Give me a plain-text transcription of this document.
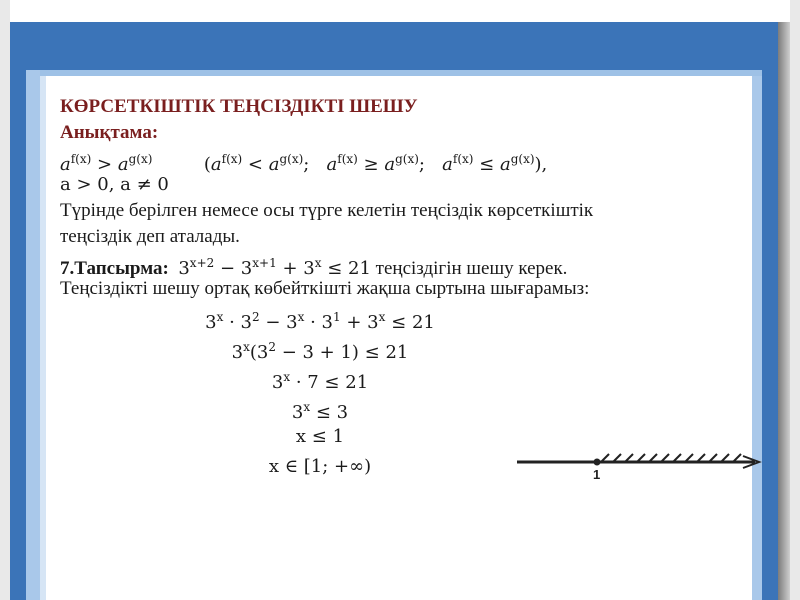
КӨРСЕТКІШТІК ТЕҢСІЗДІКТІ ШЕШУ
Анықтама:
$a^{f(x)} > a^{g(x)}$	($a^{f(x)} < a^{g(x)}$;   $a^{f(x)} \ge a^{g(x)}$;   $a^{f(x)} \le a^{g(x)}$),
a > 0, a ≠ 0
Түрінде берілген немесе осы түрге келетін теңсіздік көрсеткіштік
теңсіздік деп аталады.
7.Тапсырма: $3^{x+2} - 3^{x+1} + 3^x \le 21$ теңсіздігін шешу керек.
Теңсіздікті шешу ортақ көбейткішті жақша сыртына шығарамыз:
$3^x \cdot 3^2 - 3^x \cdot 3^1 + 3^x \le 21$
$3^x(3^2 - 3 + 1) \le 21$
$3^x \cdot 7 \le 21$
$3^x \le 3$
x ≤ 1
x ∈ [1; +∞)	1
